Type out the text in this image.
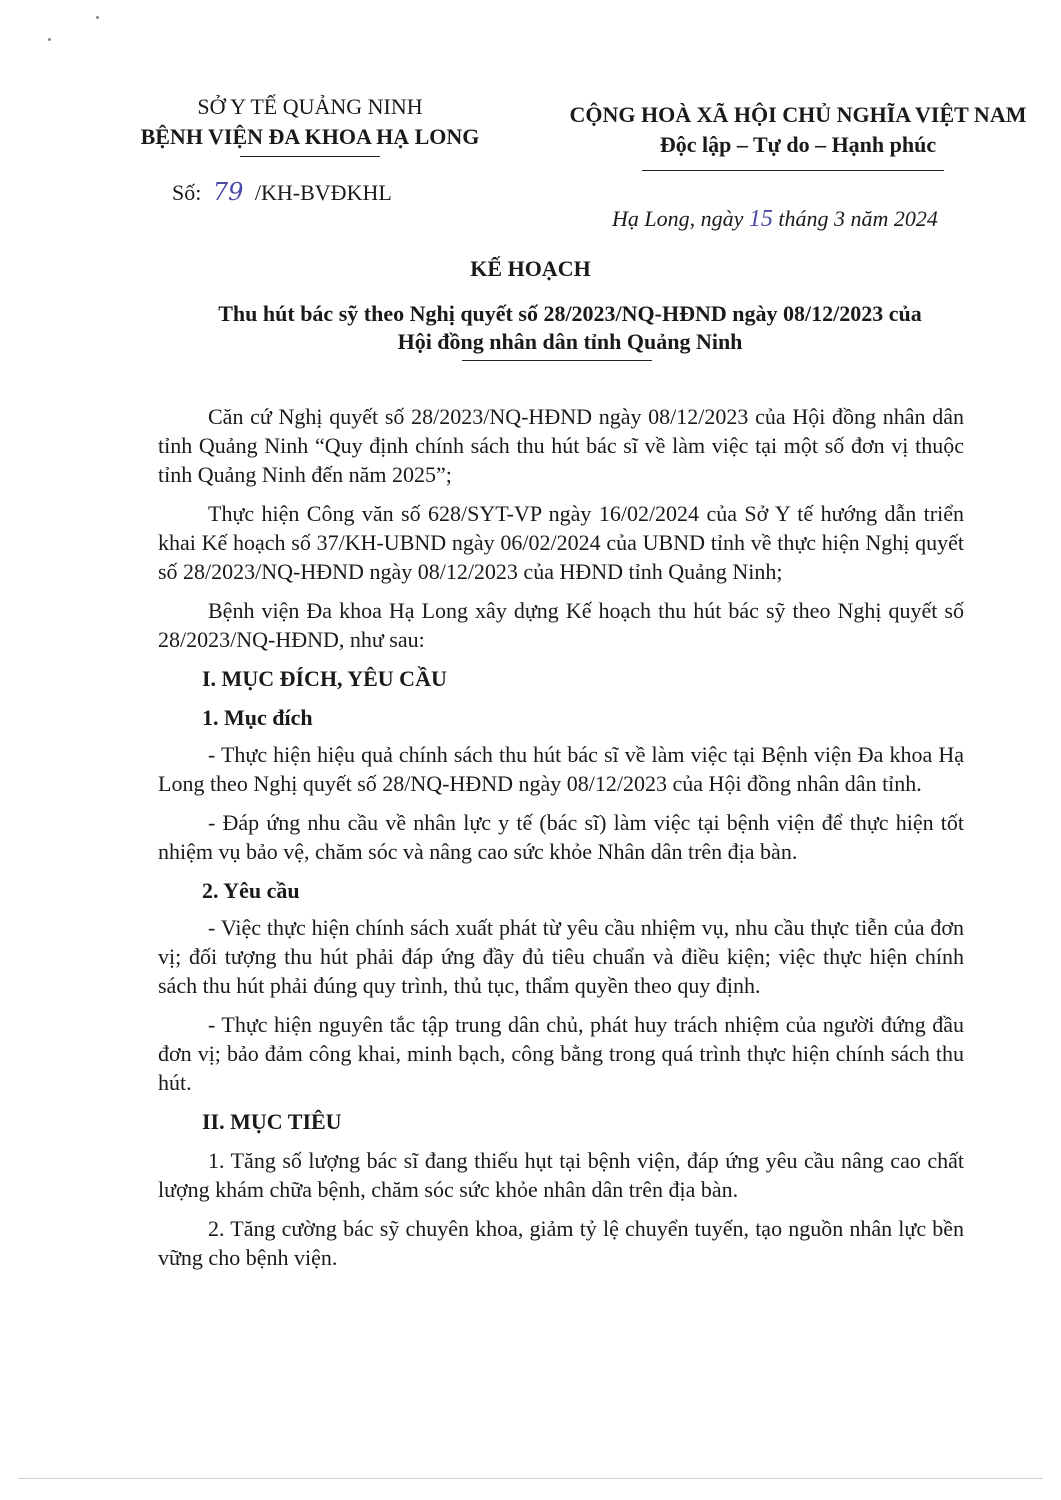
SỞ Y TẾ QUẢNG NINH
BỆNH VIỆN ĐA KHOA HẠ LONG
CỘNG HOÀ XÃ HỘI CHỦ NGHĨA VIỆT NAM
Độc lập – Tự do – Hạnh phúc
Số: 79 /KH-BVĐKHL
Hạ Long, ngày 15 tháng 3 năm 2024
KẾ HOẠCH
Thu hút bác sỹ theo Nghị quyết số 28/2023/NQ-HĐND ngày 08/12/2023 của
Hội đồng nhân dân tỉnh Quảng Ninh

Căn cứ Nghị quyết số 28/2023/NQ-HĐND ngày 08/12/2023 của Hội đồng nhân dân tỉnh Quảng Ninh “Quy định chính sách thu hút bác sĩ về làm việc tại một số đơn vị thuộc tỉnh Quảng Ninh đến năm 2025”;

Thực hiện Công văn số 628/SYT-VP ngày 16/02/2024 của Sở Y tế hướng dẫn triển khai Kế hoạch số 37/KH-UBND ngày 06/02/2024 của UBND tỉnh về thực hiện Nghị quyết số 28/2023/NQ-HĐND ngày 08/12/2023 của HĐND tỉnh Quảng Ninh;

Bệnh viện Đa khoa Hạ Long xây dựng Kế hoạch thu hút bác sỹ theo Nghị quyết số 28/2023/NQ-HĐND, như sau:

I. MỤC ĐÍCH, YÊU CẦU
1. Mục đích

- Thực hiện hiệu quả chính sách thu hút bác sĩ về làm việc tại Bệnh viện Đa khoa Hạ Long theo Nghị quyết số 28/NQ-HĐND ngày 08/12/2023 của Hội đồng nhân dân tỉnh.

- Đáp ứng nhu cầu về nhân lực y tế (bác sĩ) làm việc tại bệnh viện để thực hiện tốt nhiệm vụ bảo vệ, chăm sóc và nâng cao sức khỏe Nhân dân trên địa bàn.

2. Yêu cầu

- Việc thực hiện chính sách xuất phát từ yêu cầu nhiệm vụ, nhu cầu thực tiễn của đơn vị; đối tượng thu hút phải đáp ứng đầy đủ tiêu chuẩn và điều kiện; việc thực hiện chính sách thu hút phải đúng quy trình, thủ tục, thẩm quyền theo quy định.

- Thực hiện nguyên tắc tập trung dân chủ, phát huy trách nhiệm của người đứng đầu đơn vị; bảo đảm công khai, minh bạch, công bằng trong quá trình thực hiện chính sách thu hút.

II. MỤC TIÊU

1. Tăng số lượng bác sĩ đang thiếu hụt tại bệnh viện, đáp ứng yêu cầu nâng cao chất lượng khám chữa bệnh, chăm sóc sức khỏe nhân dân trên địa bàn.

2. Tăng cường bác sỹ chuyên khoa, giảm tỷ lệ chuyển tuyến, tạo nguồn nhân lực bền vững cho bệnh viện.
